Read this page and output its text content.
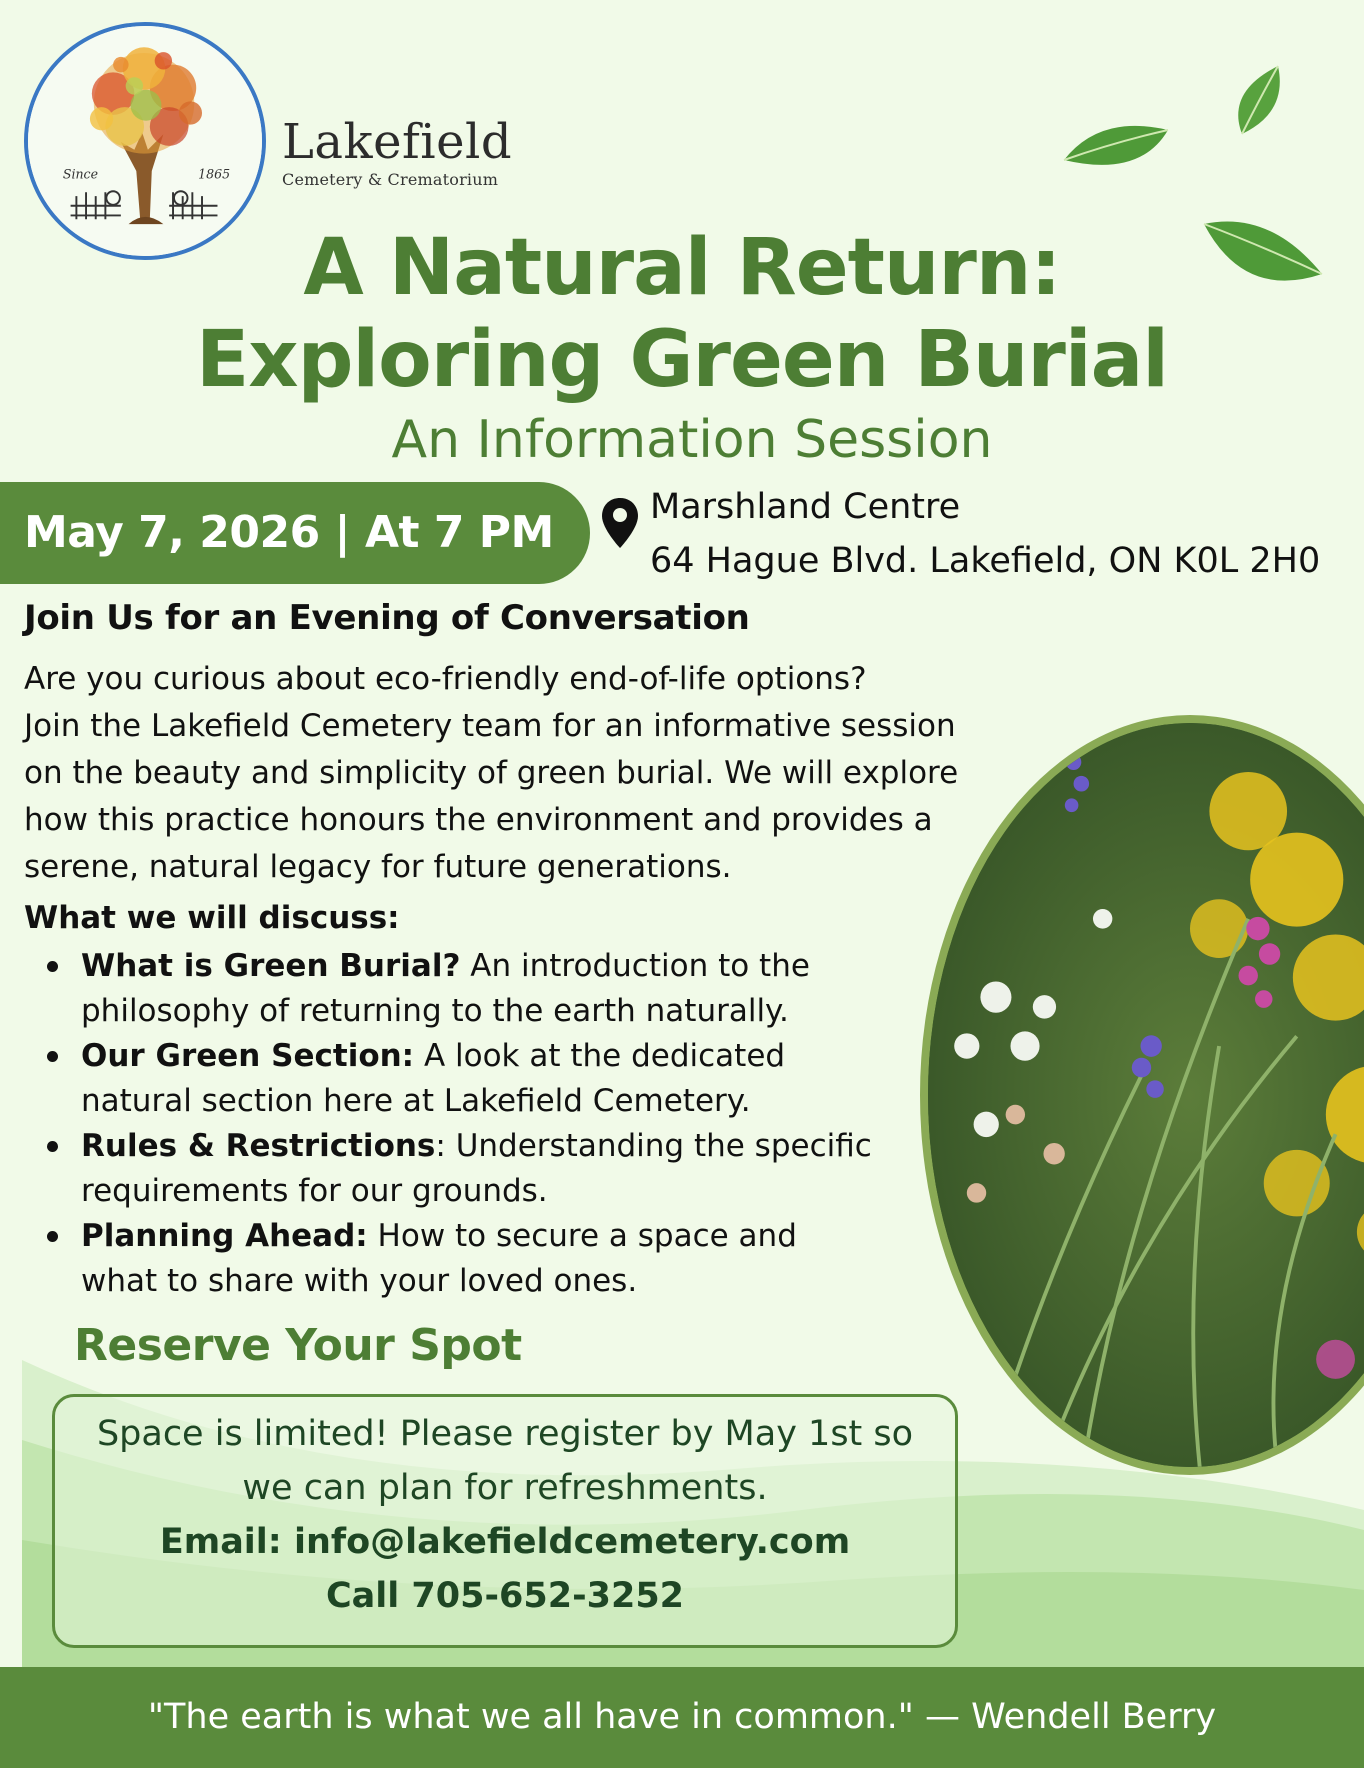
Since	1865
Lakefield
Cemetery & Crematorium
A Natural Return:
Exploring Green Burial
An Information Session
May 7, 2026 | At 7 PM	Marshland Centre
64 Hague Blvd. Lakefield, ON K0L 2H0
Join Us for an Evening of Conversation
Are you curious about eco-friendly end-of-life options?
Join the Lakefield Cemetery team for an informative session
on the beauty and simplicity of green burial. We will explore
how this practice honours the environment and provides a
serene, natural legacy for future generations.
What we will discuss:
What is Green Burial? An introduction to the
philosophy of returning to the earth naturally.
Our Green Section: A look at the dedicated
natural section here at Lakefield Cemetery.
Rules & Restrictions: Understanding the specific
requirements for our grounds.
Planning Ahead: How to secure a space and
what to share with your loved ones.
Reserve Your Spot
Space is limited! Please register by May 1st so
we can plan for refreshments.
Email: info@lakefieldcemetery.com
Call 705-652-3252
"The earth is what we all have in common." — Wendell Berry
